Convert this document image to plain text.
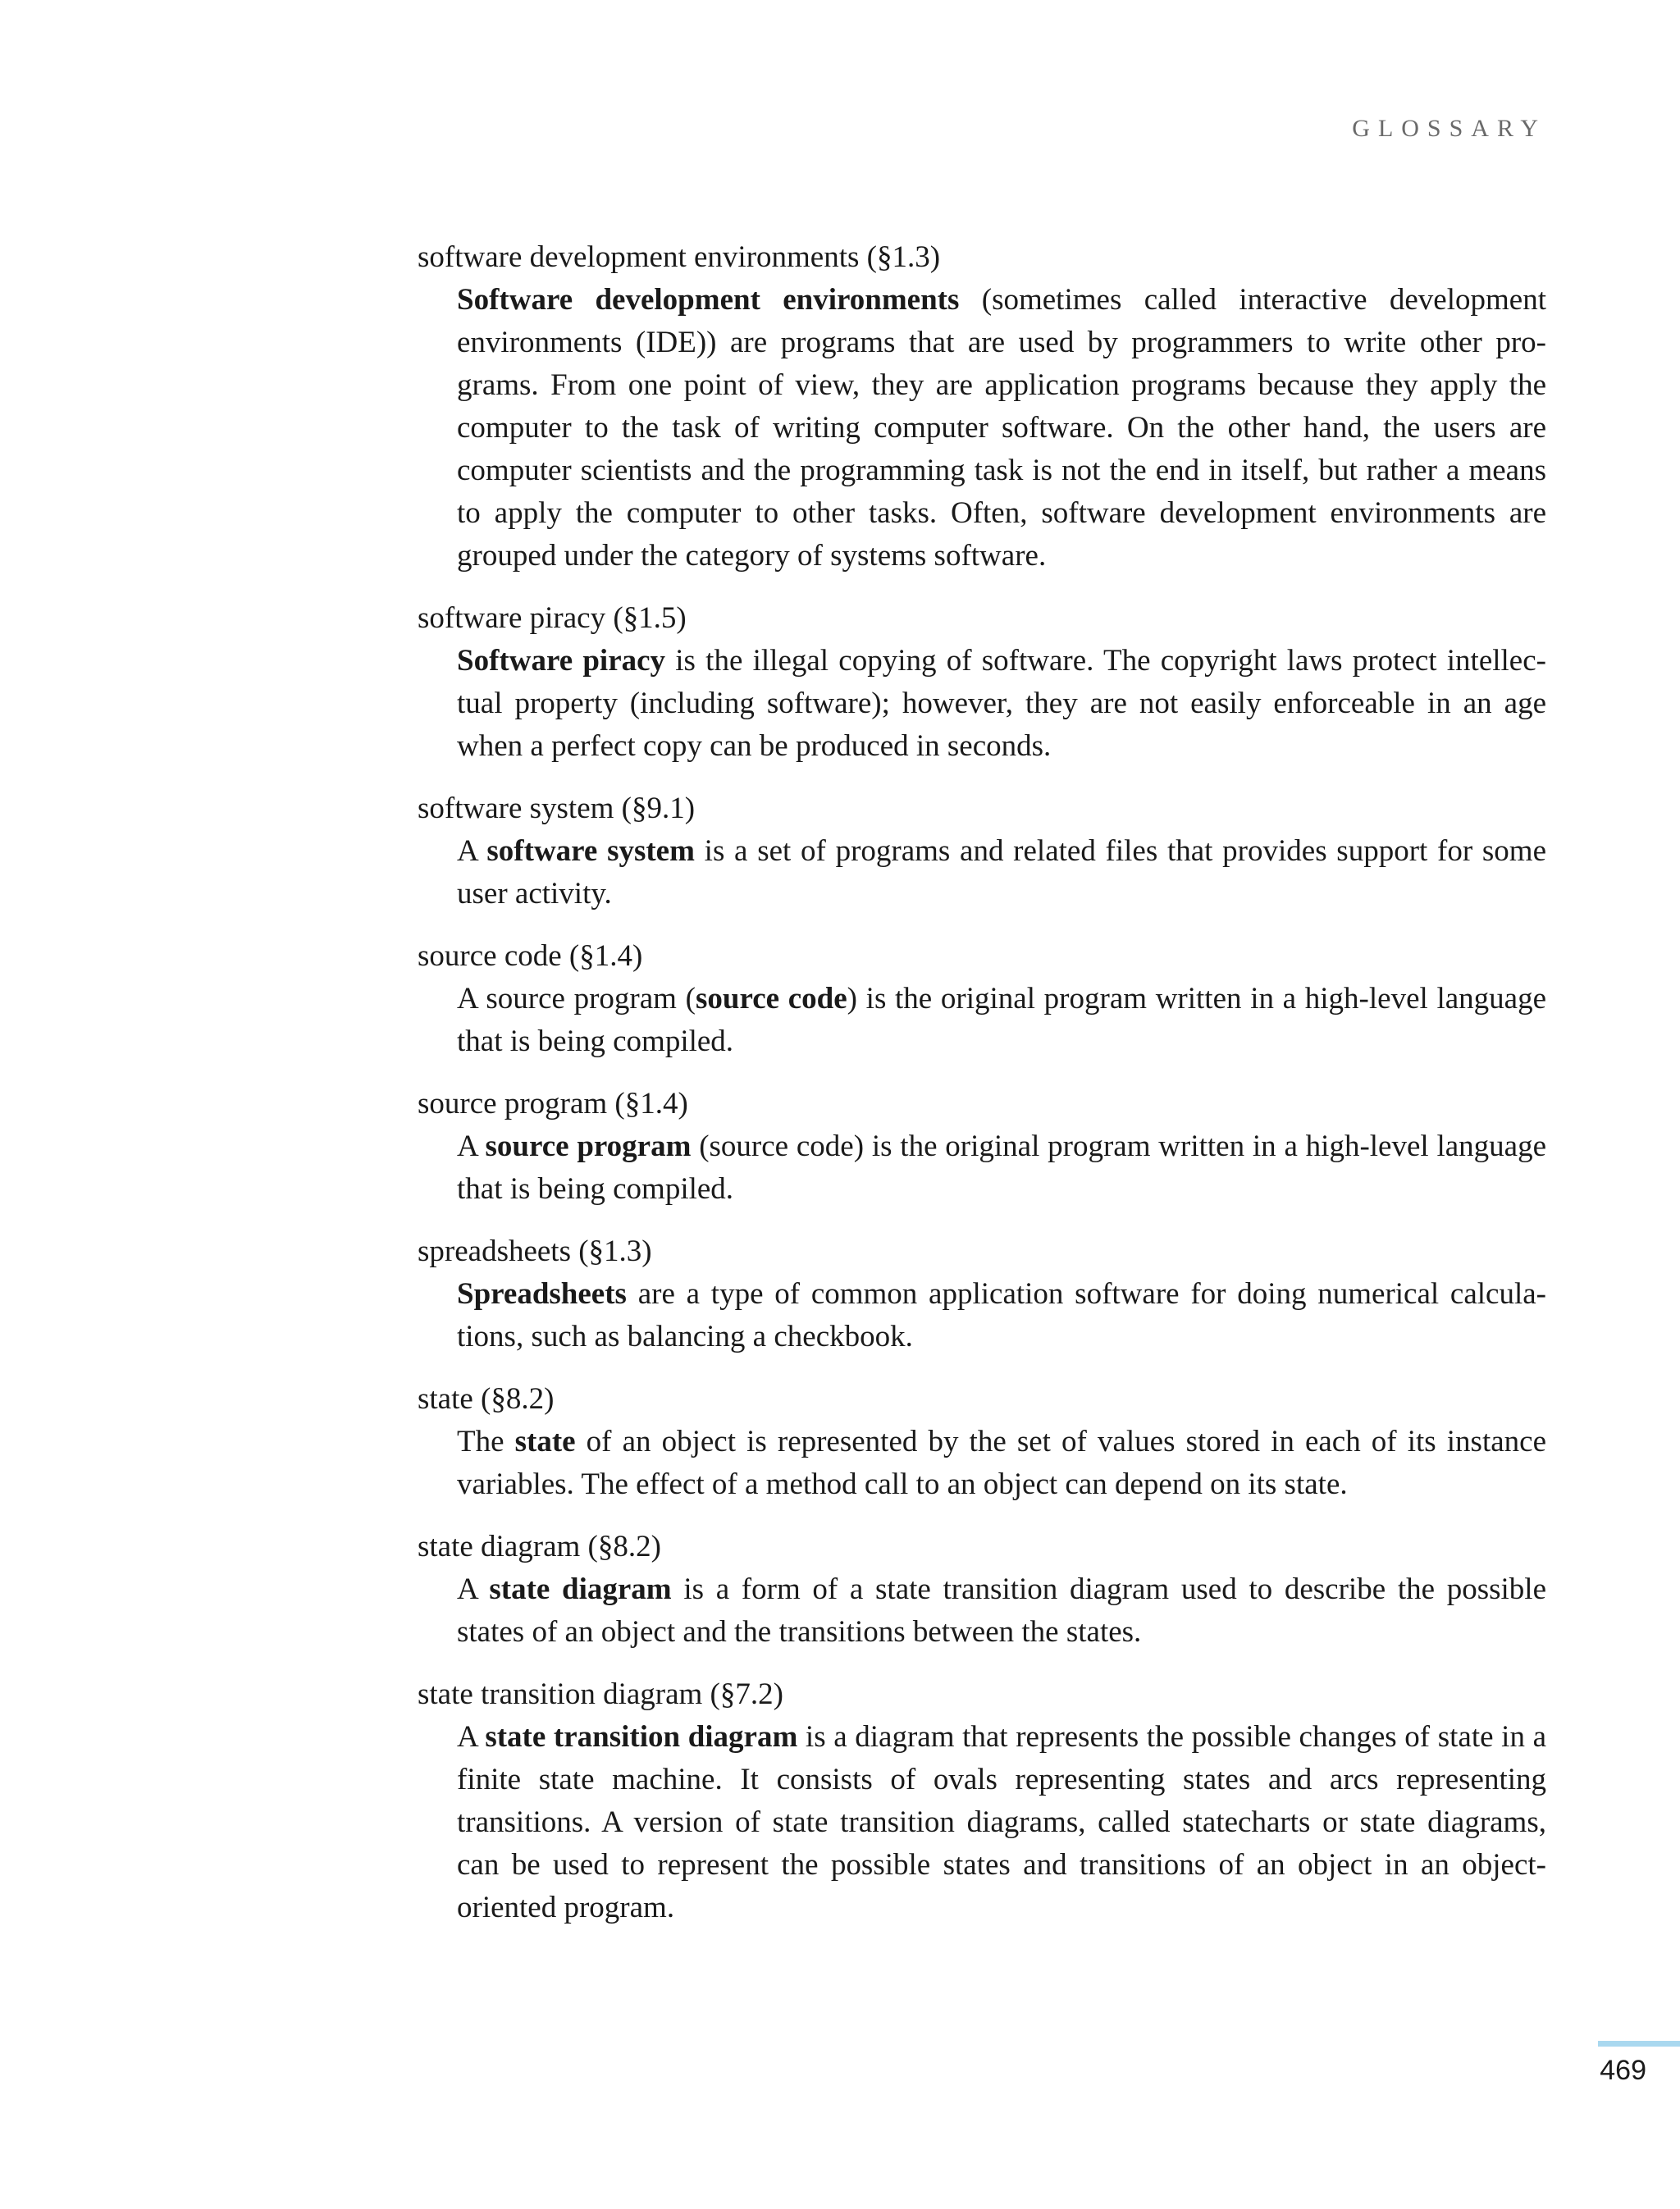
GLOSSARY
software development environments (§1.3)
Software development environments (sometimes called interactive development environments (IDE)) are programs that are used by programmers to write other programs. From one point of view, they are application programs because they apply the computer to the task of writing computer software. On the other hand, the users are computer scientists and the programming task is not the end in itself, but rather a means to apply the computer to other tasks. Often, software development environments are grouped under the category of systems software.
software piracy (§1.5)
Software piracy is the illegal copying of software. The copyright laws protect intellectual property (including software); however, they are not easily enforceable in an age when a perfect copy can be produced in seconds.
software system (§9.1)
A software system is a set of programs and related files that provides support for some user activity.
source code (§1.4)
A source program (source code) is the original program written in a high-level language that is being compiled.
source program (§1.4)
A source program (source code) is the original program written in a high-level language that is being compiled.
spreadsheets (§1.3)
Spreadsheets are a type of common application software for doing numerical calculations, such as balancing a checkbook.
state (§8.2)
The state of an object is represented by the set of values stored in each of its instance variables. The effect of a method call to an object can depend on its state.
state diagram (§8.2)
A state diagram is a form of a state transition diagram used to describe the possible states of an object and the transitions between the states.
state transition diagram (§7.2)
A state transition diagram is a diagram that represents the possible changes of state in a finite state machine. It consists of ovals representing states and arcs representing transitions. A version of state transition diagrams, called statecharts or state diagrams, can be used to represent the possible states and transitions of an object in an object-oriented program.
469
